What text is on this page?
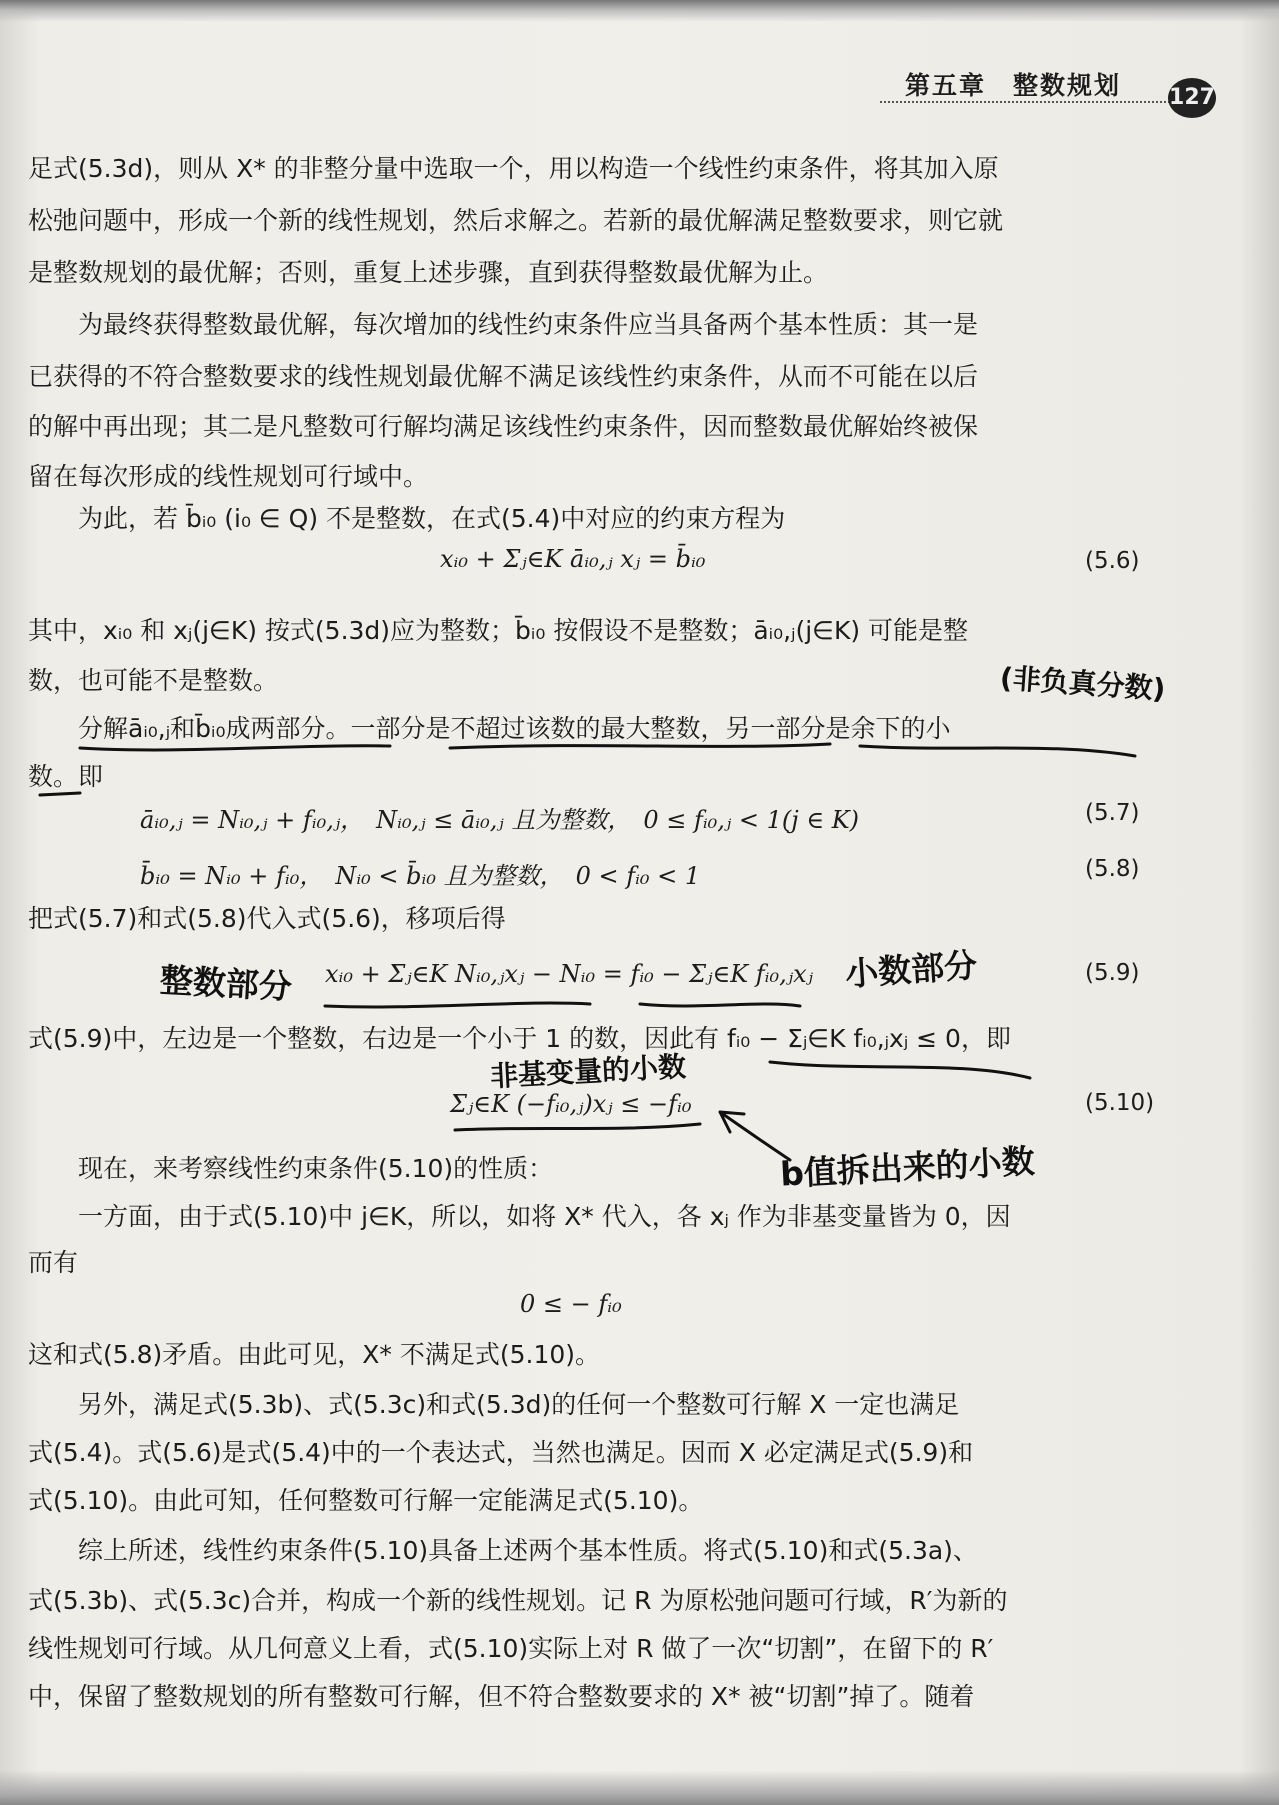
第五章　整数规划 127
足式(5.3d)，则从 X* 的非整分量中选取一个，用以构造一个线性约束条件，将其加入原
松弛问题中，形成一个新的线性规划，然后求解之。若新的最优解满足整数要求，则它就
是整数规划的最优解；否则，重复上述步骤，直到获得整数最优解为止。
为最终获得整数最优解，每次增加的线性约束条件应当具备两个基本性质：其一是
已获得的不符合整数要求的线性规划最优解不满足该线性约束条件，从而不可能在以后
的解中再出现；其二是凡整数可行解均满足该线性约束条件，因而整数最优解始终被保
留在每次形成的线性规划可行域中。
为此，若 b̄ᵢ₀ (i₀ ∈ Q) 不是整数，在式(5.4)中对应的约束方程为
xᵢ₀ + Σⱼ∈K āᵢ₀,ⱼ xⱼ = b̄ᵢ₀	(5.6)
其中，xᵢ₀ 和 xⱼ(j∈K) 按式(5.3d)应为整数；b̄ᵢ₀ 按假设不是整数；āᵢ₀,ⱼ(j∈K) 可能是整
数，也可能不是整数。
分解āᵢ₀,ⱼ和b̄ᵢ₀成两部分。一部分是不超过该数的最大整数，另一部分是余下的小
数。即
āᵢ₀,ⱼ = Nᵢ₀,ⱼ + fᵢ₀,ⱼ，　Nᵢ₀,ⱼ ≤ āᵢ₀,ⱼ 且为整数，　0 ≤ fᵢ₀,ⱼ < 1(j ∈ K)	(5.7)
b̄ᵢ₀ = Nᵢ₀ + fᵢ₀，　Nᵢ₀ < b̄ᵢ₀ 且为整数，　0 < fᵢ₀ < 1	(5.8)
把式(5.7)和式(5.8)代入式(5.6)，移项后得
xᵢ₀ + Σⱼ∈K Nᵢ₀,ⱼxⱼ − Nᵢ₀ = fᵢ₀ − Σⱼ∈K fᵢ₀,ⱼxⱼ	(5.9)
式(5.9)中，左边是一个整数，右边是一个小于 1 的数，因此有 fᵢ₀ − Σⱼ∈K fᵢ₀,ⱼxⱼ ≤ 0，即
Σⱼ∈K (−fᵢ₀,ⱼ)xⱼ ≤ −fᵢ₀	(5.10)
现在，来考察线性约束条件(5.10)的性质：
一方面，由于式(5.10)中 j∈K，所以，如将 X* 代入，各 xⱼ 作为非基变量皆为 0，因
而有
0 ≤ − fᵢ₀
这和式(5.8)矛盾。由此可见，X* 不满足式(5.10)。
另外，满足式(5.3b)、式(5.3c)和式(5.3d)的任何一个整数可行解 X 一定也满足
式(5.4)。式(5.6)是式(5.4)中的一个表达式，当然也满足。因而 X 必定满足式(5.9)和
式(5.10)。由此可知，任何整数可行解一定能满足式(5.10)。
综上所述，线性约束条件(5.10)具备上述两个基本性质。将式(5.10)和式(5.3a)、
式(5.3b)、式(5.3c)合并，构成一个新的线性规划。记 R 为原松弛问题可行域，R′为新的
线性规划可行域。从几何意义上看，式(5.10)实际上对 R 做了一次“切割”，在留下的 R′
中，保留了整数规划的所有整数可行解，但不符合整数要求的 X* 被“切割”掉了。随着
(非负真分数)
整数部分	小数部分
非基变量的小数
b值拆出来的小数
